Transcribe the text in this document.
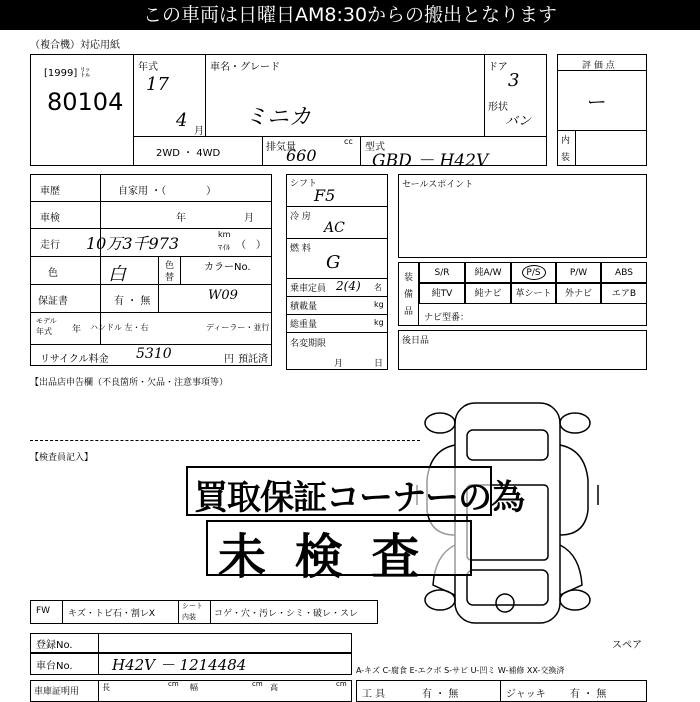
この車両は日曜日AM8:30からの搬出となります
（複合機）対応用紙
[1999] ㍑
80104
年式
17
4
月
2WD ・ 4WD
車名・グレード
ミニカ
排気量
cc
660	型式
GBD － H42V
ドア
3
形状
バン
評 価 点
ー
内
装
車歴	自家用 ・（　　　　）
車検	年	月
走行 10万3千973	km
ﾏｲﾙ （　）
色	白	色
替
カラーNo.
W09
保証書	有 ・ 無
モデル
年式 年 ハンドル 左・右	ディーラー・並行
リサイクル料金 5310	円 預託済
シフト
F5
冷 房
AC
燃 料
G
乗車定員 2(4) 名
積載量	kg
総重量	kg
名変期限
月	日
セールスポイント
装
備
品
S/R	純A/W	P/S	P/W	ABS
純TV	純ナビ	革シート	外ナビ	エアB
ナビ型番：
後日品
【出品店申告欄（不良箇所・欠品・注意事項等）
【検査員記入】
買取保証コーナーの為
未 検 査
FW キズ・トビ石・割レX
シート
内装 コゲ・穴・汚レ・シミ・破レ・スレ
登録No.
車台No.	H42V － 1214484
スペア
A-キズ C-腐食 E-エクボ S-サビ U-凹ミ W-補修 XX-交換済
車庫証明用	長	cm 幅	cm 高	cm
工 具	有 ・ 無	ジャッキ 有 ・ 無
